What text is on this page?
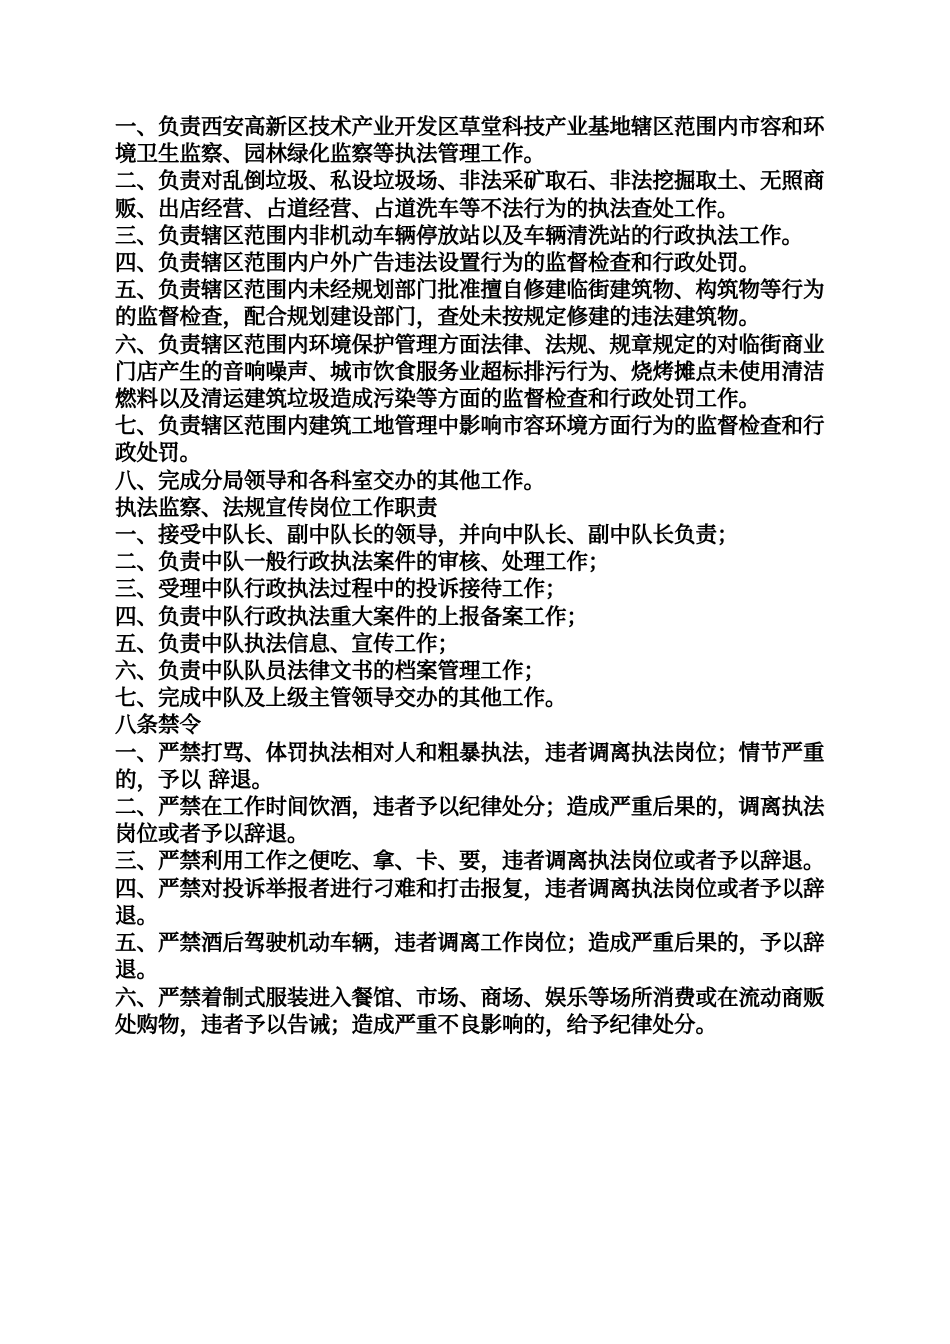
一、负责西安高新区技术产业开发区草堂科技产业基地辖区范围内市容和环境卫生监察、园林绿化监察等执法管理工作。

二、负责对乱倒垃圾、私设垃圾场、非法采矿取石、非法挖掘取土、无照商贩、出店经营、占道经营、占道洗车等不法行为的执法查处工作。

三、负责辖区范围内非机动车辆停放站以及车辆清洗站的行政执法工作。

四、负责辖区范围内户外广告违法设置行为的监督检查和行政处罚。

五、负责辖区范围内未经规划部门批准擅自修建临街建筑物、构筑物等行为的监督检查，配合规划建设部门，查处未按规定修建的违法建筑物。

六、负责辖区范围内环境保护管理方面法律、法规、规章规定的对临街商业门店产生的音响噪声、城市饮食服务业超标排污行为、烧烤摊点未使用清洁燃料以及清运建筑垃圾造成污染等方面的监督检查和行政处罚工作。

七、负责辖区范围内建筑工地管理中影响市容环境方面行为的监督检查和行政处罚。

八、完成分局领导和各科室交办的其他工作。

执法监察、法规宣传岗位工作职责

一、接受中队长、副中队长的领导，并向中队长、副中队长负责；

二、负责中队一般行政执法案件的审核、处理工作；

三、受理中队行政执法过程中的投诉接待工作；

四、负责中队行政执法重大案件的上报备案工作；

五、负责中队执法信息、宣传工作；

六、负责中队队员法律文书的档案管理工作；

七、完成中队及上级主管领导交办的其他工作。

八条禁令

一、严禁打骂、体罚执法相对人和粗暴执法，违者调离执法岗位；情节严重的，予以 辞退。

二、严禁在工作时间饮酒，违者予以纪律处分；造成严重后果的，调离执法岗位或者予以辞退。

三、严禁利用工作之便吃、拿、卡、要，违者调离执法岗位或者予以辞退。

四、严禁对投诉举报者进行刁难和打击报复，违者调离执法岗位或者予以辞退。

五、严禁酒后驾驶机动车辆，违者调离工作岗位；造成严重后果的，予以辞退。

六、严禁着制式服装进入餐馆、市场、商场、娱乐等场所消费或在流动商贩处购物，违者予以告诫；造成严重不良影响的，给予纪律处分。
